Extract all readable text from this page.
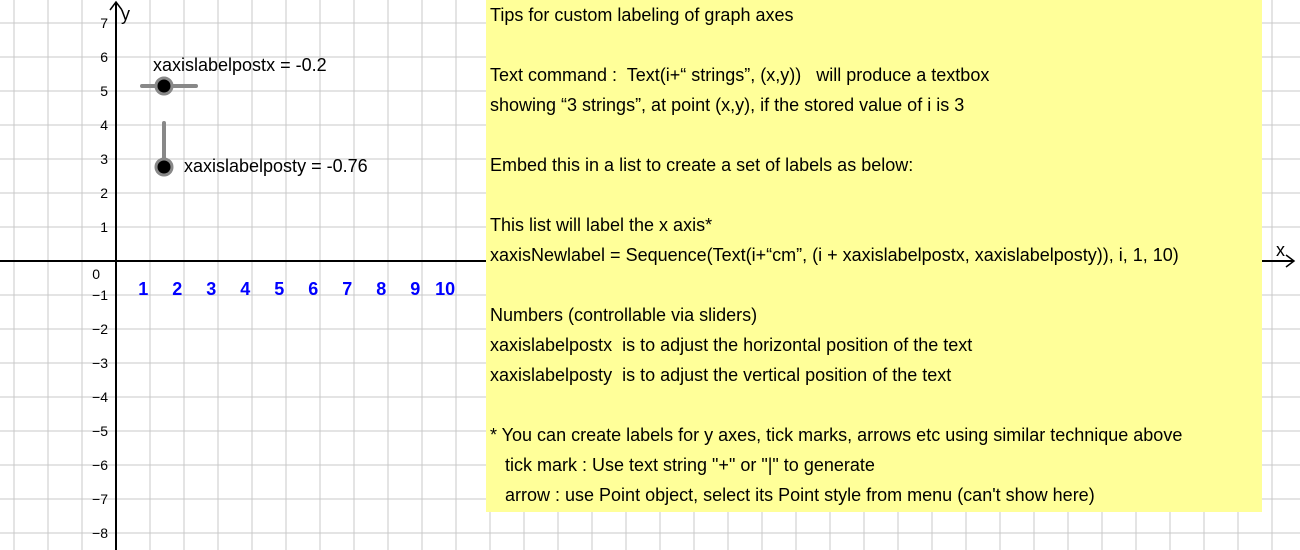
x
y
0
1 2 3 4 5 6 7 8 9 10
1
2
3
4
5
6
7
−1
−2
−3
−4
−5
−6
−7
−8
xaxislabelpostx = -0.2
xaxislabelposty = -0.76
Tips for custom labeling of graph axes
Text command :  Text(i+“ strings”, (x,y))   will produce a textbox
showing “3 strings”, at point (x,y), if the stored value of i is 3
Embed this in a list to create a set of labels as below:
This list will label the x axis*
xaxisNewlabel = Sequence(Text(i+“cm”, (i + xaxislabelpostx, xaxislabelposty)), i, 1, 10)
Numbers (controllable via sliders)
xaxislabelpostx  is to adjust the horizontal position of the text
xaxislabelposty  is to adjust the vertical position of the text
* You can create labels for y axes, tick marks, arrows etc using similar technique above
tick mark : Use text string "+" or "|" to generate
arrow : use Point object, select its Point style from menu (can't show here)
